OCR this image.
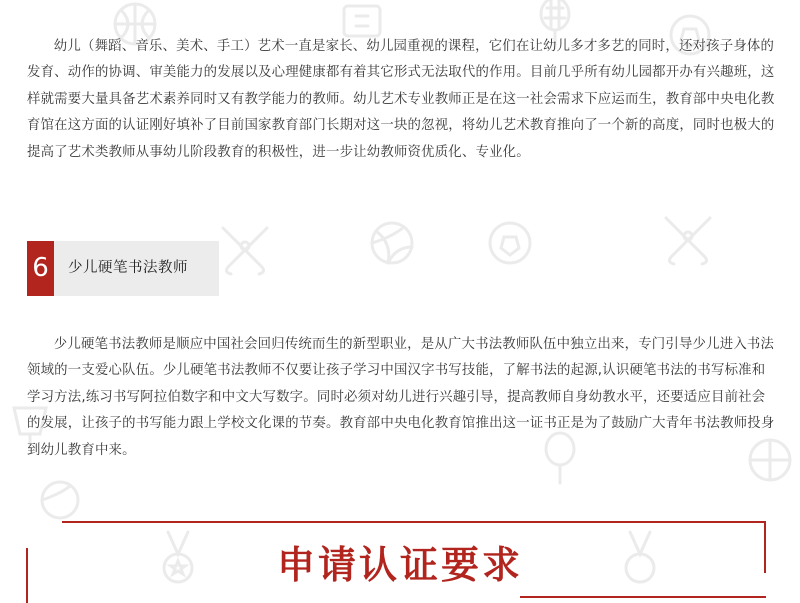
幼儿（舞蹈、音乐、美术、手工）艺术一直是家长、幼儿园重视的课程，它们在让幼儿多才多艺的同时，还对孩子身体的发育、动作的协调、审美能力的发展以及心理健康都有着其它形式无法取代的作用。目前几乎所有幼儿园都开办有兴趣班，这样就需要大量具备艺术素养同时又有教学能力的教师。幼儿艺术专业教师正是在这一社会需求下应运而生，教育部中央电化教育馆在这方面的认证刚好填补了目前国家教育部门长期对这一块的忽视，将幼儿艺术教育推向了一个新的高度，同时也极大的提高了艺术类教师从事幼儿阶段教育的积极性，进一步让幼教师资优质化、专业化。

6	少儿硬笔书法教师

少儿硬笔书法教师是顺应中国社会回归传统而生的新型职业，是从广大书法教师队伍中独立出来，专门引导少儿进入书法领域的一支爱心队伍。少儿硬笔书法教师不仅要让孩子学习中国汉字书写技能，了解书法的起源,认识硬笔书法的书写标准和学习方法,练习书写阿拉伯数字和中文大写数字。同时必须对幼儿进行兴趣引导，提高教师自身幼教水平，还要适应目前社会的发展，让孩子的书写能力跟上学校文化课的节奏。教育部中央电化教育馆推出这一证书正是为了鼓励广大青年书法教师投身到幼儿教育中来。

申请认证要求
